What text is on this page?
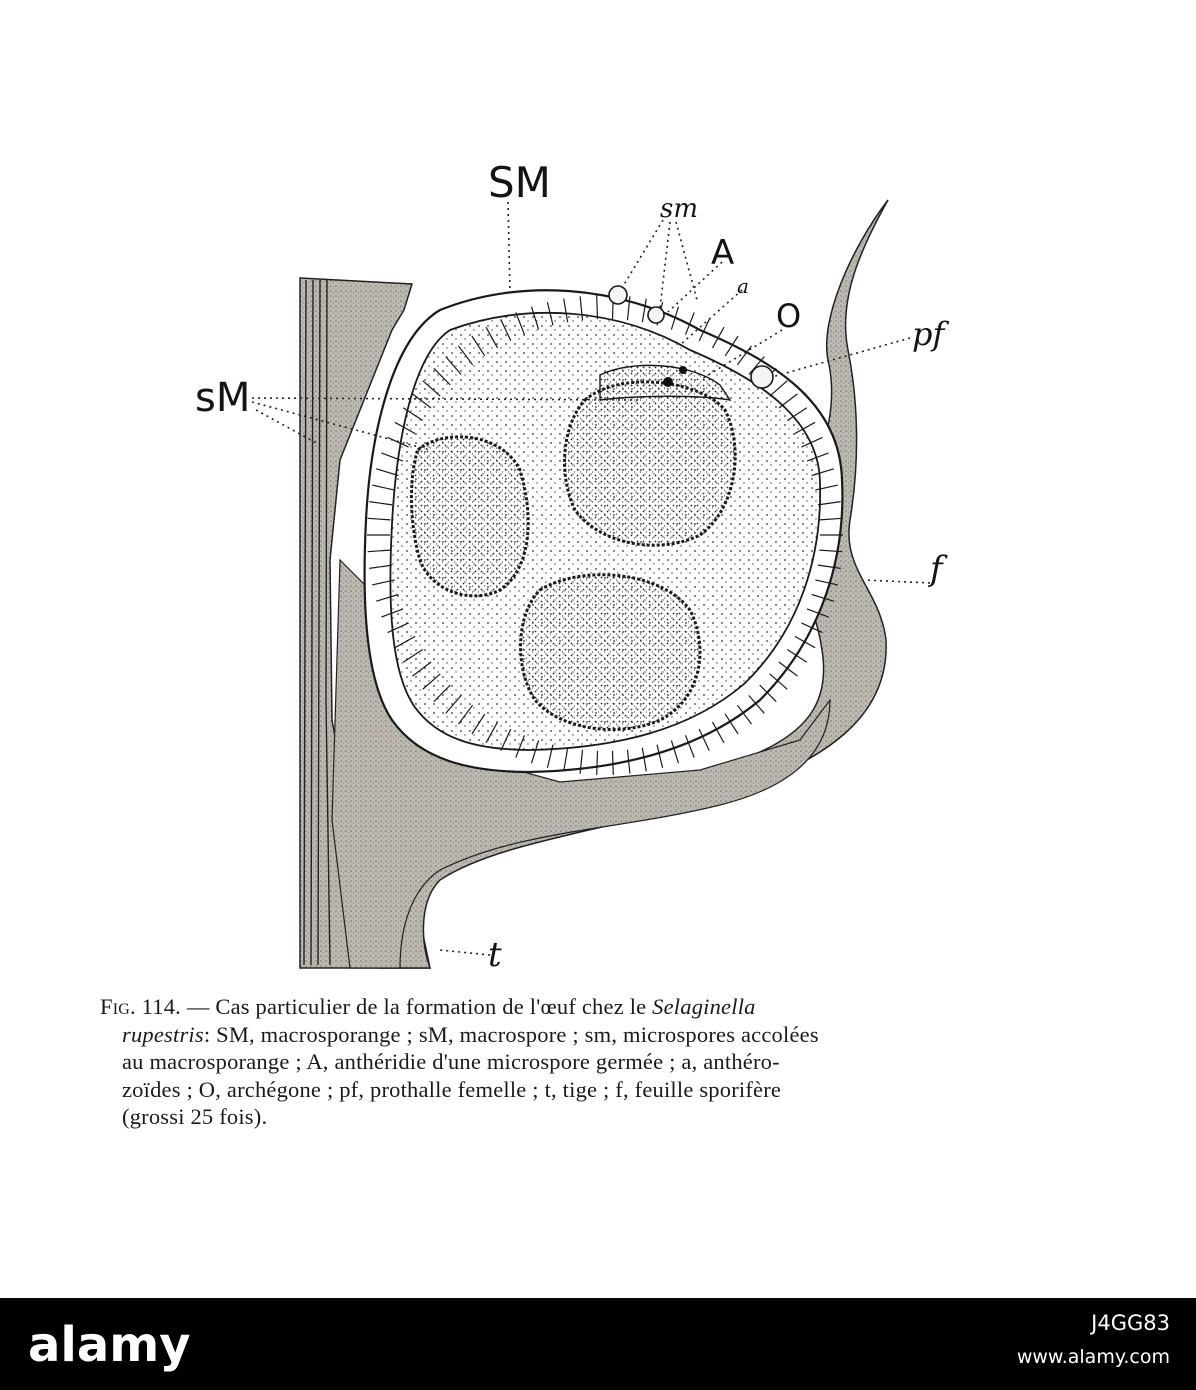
SM
sm
A
a
O	pf
sM
f
t
Fig. 114. — Cas particulier de la formation de l'œuf chez le Selaginella
rupestris: SM, macrosporange ; sM, macrospore ; sm, microspores accolées
au macrosporange ; A, anthéridie d'une microspore germée ; a, anthéro-
zoïdes ; O, archégone ; pf, prothalle femelle ; t, tige ; f, feuille sporifère
(grossi 25 fois).
alamy	J4GG83
www.alamy.com
